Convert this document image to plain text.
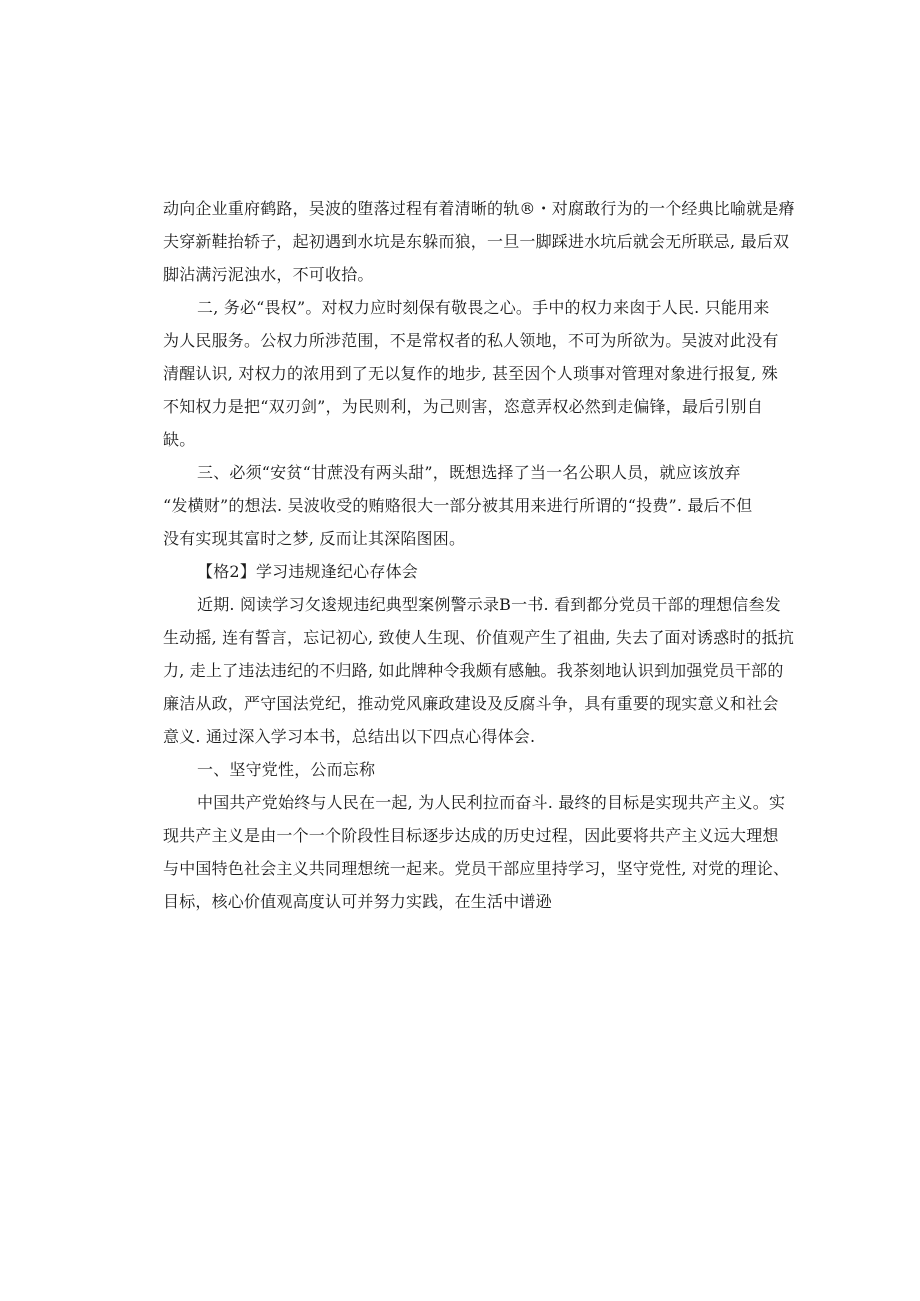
动向企业重府鹤路，吴波的堕落过程有着清晰的轨®・对腐敢行为的一个经典比喻就是瘠
夫穿新鞋抬轿子，起初遇到水坑是东躲而狼，一旦一脚踩进水坑后就会无所联忌, 最后双
脚沾满污泥浊水，不可收拾。
二, 务必“畏权”。对权力应时刻保有敬畏之心。手中的权力来囱于人民. 只能用来
为人民服务。公权力所涉范围，不是常权者的私人领地，不可为所欲为。吴波对此没有
清醒认识, 对权力的浓用到了无以复作的地步, 甚至因个人琐事对管理对象进行报复, 殊
不知权力是把“双刃剑”，为民则利，为己则害，恣意弄权必然到走偏锋，最后引别自
缺。
三、必须“安贫“甘蔗没有两头甜”，既想选择了当一名公职人员，就应该放弃
“发横财”的想法. 吴波收受的贿赂很大一部分被其用来进行所谓的“投费”. 最后不但
没有实现其富时之梦, 反而让其深陷图困。
【格2】学习违规逢纪心存体会
近期. 阅读学习攵逡规违纪典型案例警示录B一书. 看到都分党员干部的理想信叁发
生动摇, 连有誓言，忘记初心, 致使人生现、价值观产生了祖曲, 失去了面对诱惑时的抵抗
力, 走上了违法违纪的不归路, 如此牌种令我颇有感触。我茶刻地认识到加强党员干部的
廉洁从政，严守国法党纪，推动党风廉政建设及反腐斗争，具有重要的现实意义和社会
意义. 通过深入学习本书，总结出以下四点心得体会.
一、坚守党性，公而忘称
中国共产党始终与人民在一起, 为人民利拉而奋斗. 最终的目标是实现共产主义。实
现共产主义是由一个一个阶段性目标逐步达成的历史过程，因此要将共产主义远大理想
与中国特色社会主义共同理想统一起来。党员干部应里持学习，坚守党性, 对党的理论、
目标，核心价值观高度认可并努力实践，在生活中谱逊
